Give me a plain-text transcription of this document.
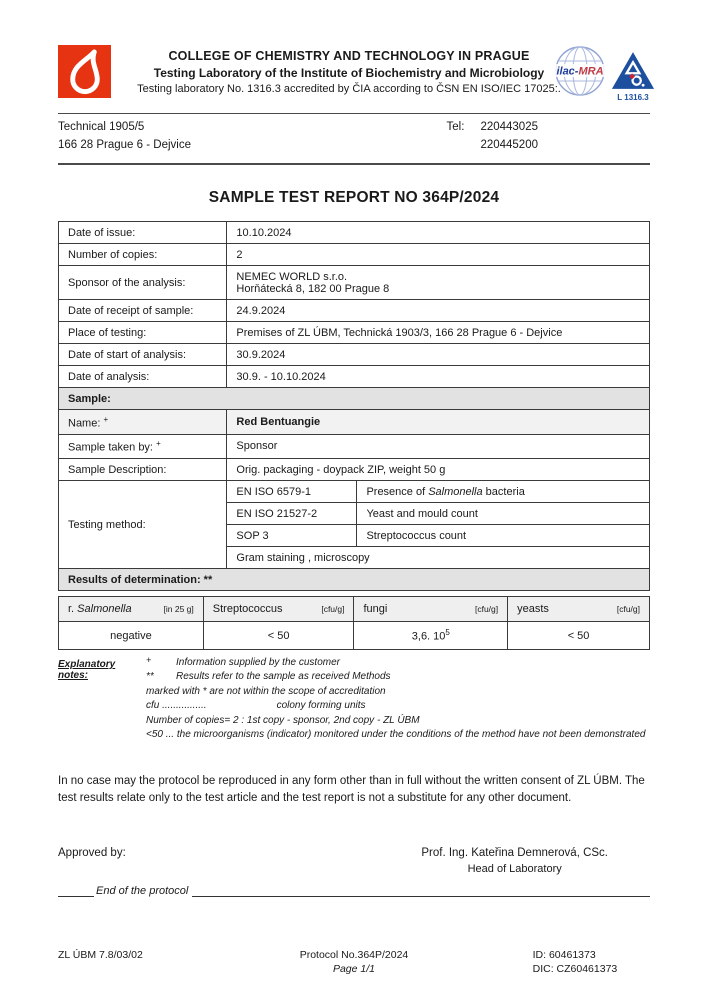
COLLEGE OF CHEMISTRY AND TECHNOLOGY IN PRAGUE
Testing Laboratory of the Institute of Biochemistry and Microbiology
Testing laboratory No. 1316.3 accredited by ČIA according to ČSN EN ISO/IEC 17025:.
ilac-MRA
L 1316.3
Technical 1905/5
166 28 Prague 6 - Dejvice
Tel: 220443025
220445200
SAMPLE TEST REPORT NO 364P/2024
Date of issue:	10.10.2024	
Number of copies:	2	
Sponsor of the analysis:	NEMEC WORLD s.r.o.
Horňátecká 8, 182 00 Prague 8	

Date of receipt of sample:	24.9.2024	
Place of testing:	Premises of ZL ÚBM, Technická 1903/3, 166 28 Prague 6 - Dejvice	
Date of start of analysis:	30.9.2024	
Date of analysis:	30.9. - 10.10.2024	
Sample:		
Name: +	Red Bentuangie	
Sample taken by: +	Sponsor	
Sample Description:	Orig. packaging - doypack ZIP, weight 50 g	
Testing method:	EN ISO 6579-1	Presence of Salmonella bacteria
	EN ISO 21527-2	Yeast and mould count
	SOP 3	Streptococcus count
	Gram staining , microscopy	
Results of determination: **		
r. Salmonella [in 25 g]	Streptococcus [cfu/g]	fungi [cfu/g]	yeasts [cfu/g]

negative	< 50	3,6. $10^5$	< 50
Explanatory notes:
+	Information supplied by the customer
**	Results refer to the sample as received Methods
marked with * are not within the scope of accreditation
cfu ................	colony forming units
Number of copies= 2 : 1st copy - sponsor, 2nd copy - ZL ÚBM
<50 ... the microorganisms (indicator) monitored under the conditions of the method have not been demonstrated

In no case may the protocol be reproduced in any form other than in full without the written consent of ZL ÚBM. The test results relate only to the test article and the test report is not a substitute for any other document.

Approved by:	Prof. Ing. Kateřina Demnerová, CSc.
Head of Laboratory
End of the protocol
ZL ÚBM 7.8/03/02	Protocol No.364P/2024
Page 1/1
ID: 60461373
DIC: CZ60461373
